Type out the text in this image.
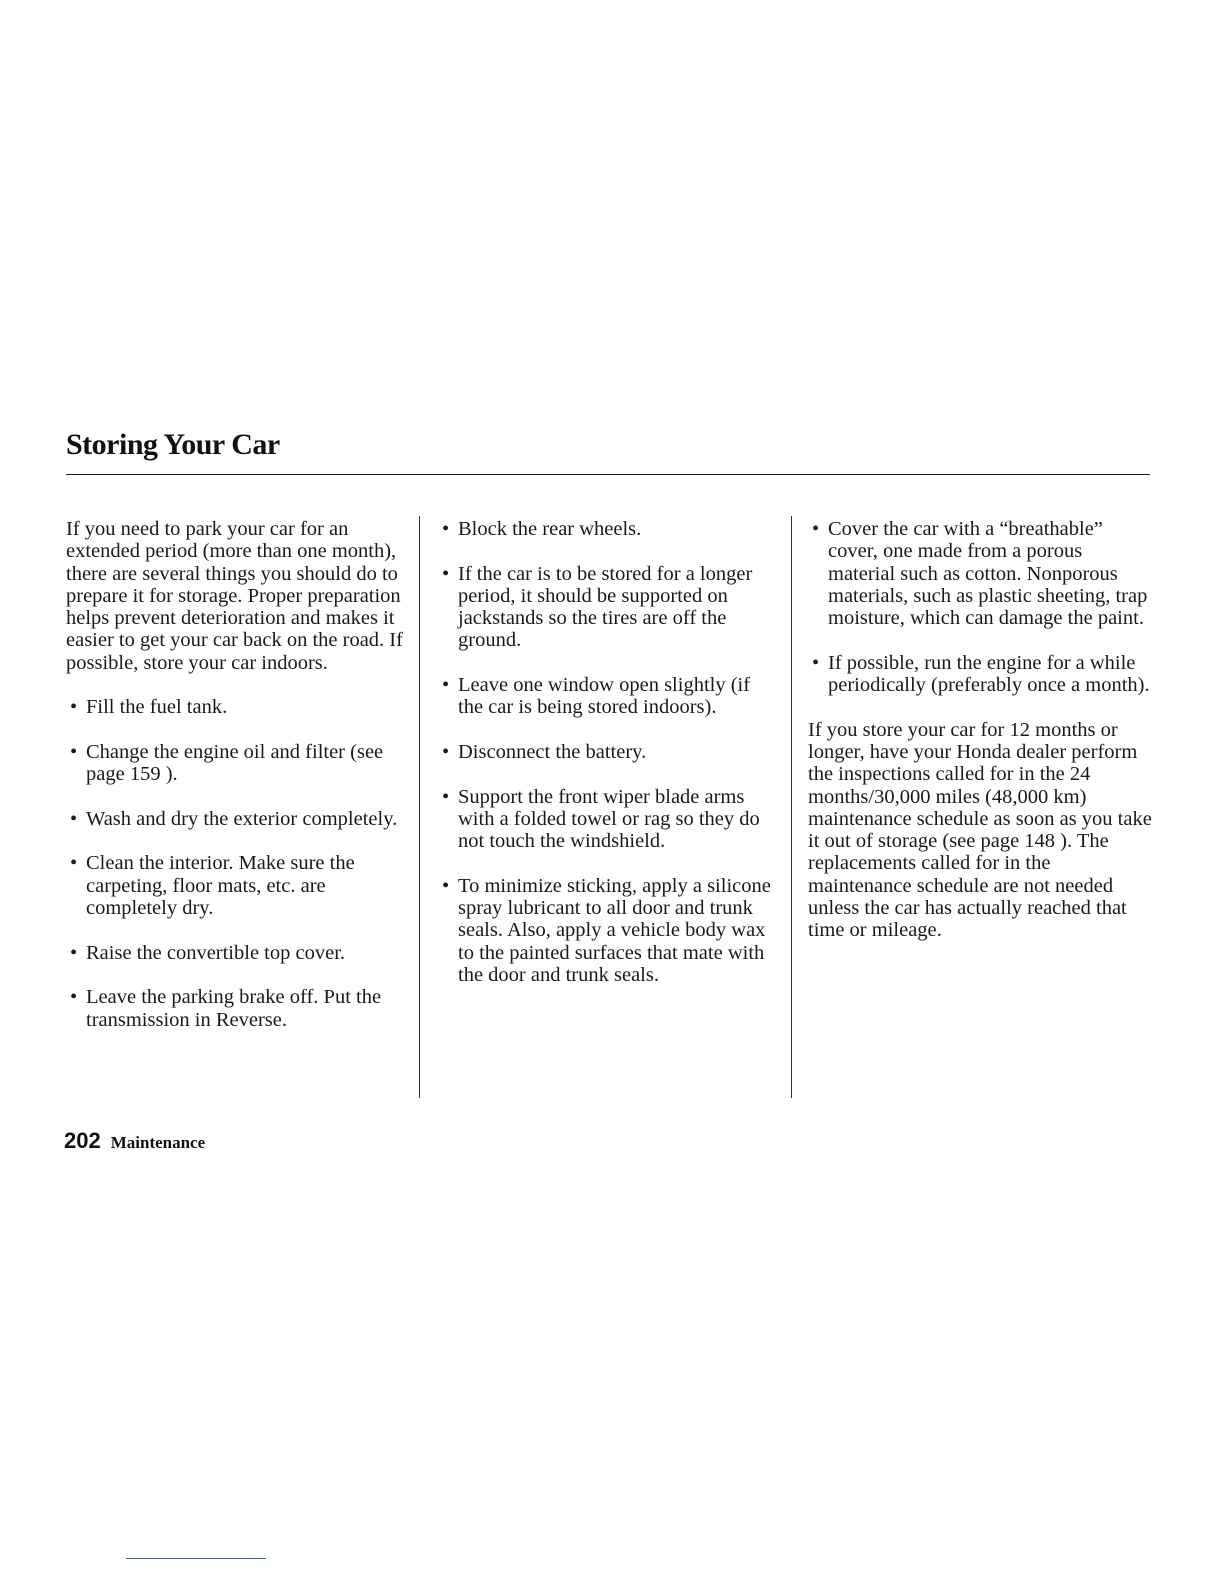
Storing Your Car

If you need to park your car for an extended period (more than one month), there are several things you should do to prepare it for storage. Proper preparation helps prevent deterioration and makes it easier to get your car back on the road. If possible, store your car indoors.

• Fill the fuel tank.
• Change the engine oil and filter (see page 159 ).
• Wash and dry the exterior completely.
• Clean the interior. Make sure the carpeting, floor mats, etc. are completely dry.
• Raise the convertible top cover.
• Leave the parking brake off. Put the transmission in Reverse.
• Block the rear wheels.
• If the car is to be stored for a longer period, it should be supported on jackstands so the tires are off the ground.
• Leave one window open slightly (if the car is being stored indoors).
• Disconnect the battery.
• Support the front wiper blade arms with a folded towel or rag so they do not touch the windshield.
• To minimize sticking, apply a silicone spray lubricant to all door and trunk seals. Also, apply a vehicle body wax to the painted surfaces that mate with the door and trunk seals.
• Cover the car with a “breathable” cover, one made from a porous material such as cotton. Nonporous materials, such as plastic sheeting, trap moisture, which can damage the paint.
• If possible, run the engine for a while periodically (preferably once a month).

If you store your car for 12 months or longer, have your Honda dealer perform the inspections called for in the 24 months/30,000 miles (48,000 km) maintenance schedule as soon as you take it out of storage (see page 148 ). The replacements called for in the maintenance schedule are not needed unless the car has actually reached that time or mileage.

202 Maintenance
